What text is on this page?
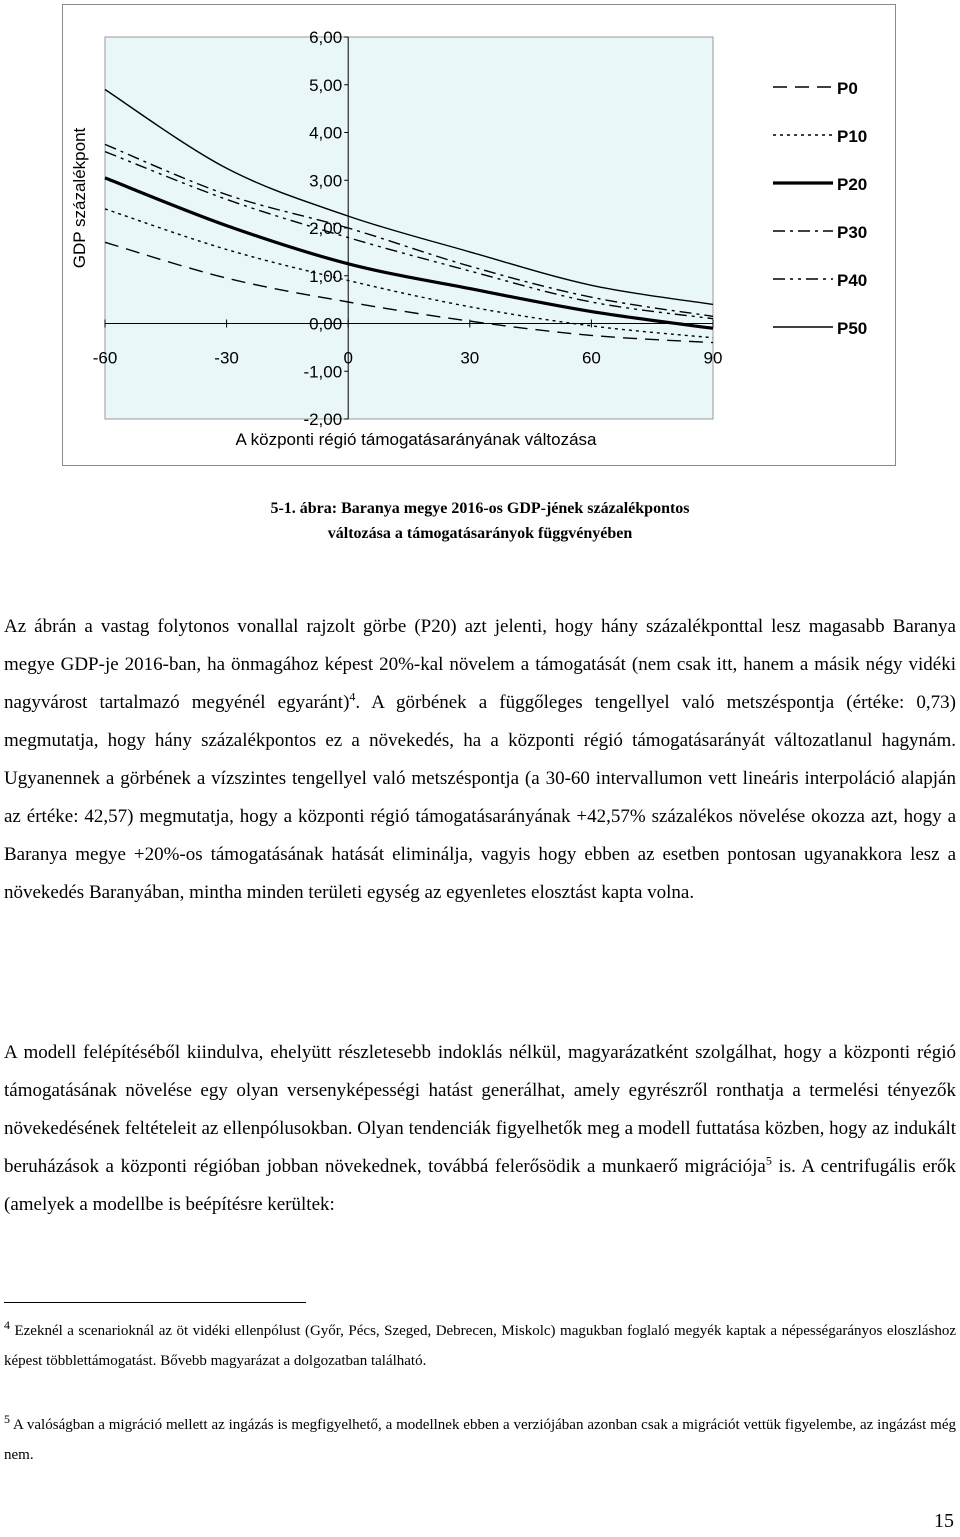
6,00
5,00
4,00
3,00
2,00
1,00
0,00
-1,00
-2,00
-60	-30	0	30	60	90
GDP százalékpont
A központi régió támogatásarányának változása
P0
P10
P20
P30
P40
P50
5-1. ábra: Baranya megye 2016-os GDP-jének százalékpontos
változása a támogatásarányok függvényében

Az ábrán a vastag folytonos vonallal rajzolt görbe (P20) azt jelenti, hogy hány százalékponttal lesz magasabb Baranya megye GDP-je 2016-ban, ha önmagához képest 20%-kal növelem a támogatását (nem csak itt, hanem a másik négy vidéki nagyvárost tartalmazó megyénél egyaránt)$^4$. A görbének a függőleges tengellyel való metszéspontja (értéke: 0,73) megmutatja, hogy hány százalékpontos ez a növekedés, ha a központi régió támogatásarányát változatlanul hagynám. Ugyanennek a görbének a vízszintes tengellyel való metszéspontja (a 30-60 intervallumon vett lineáris interpoláció alapján az értéke: 42,57) megmutatja, hogy a központi régió támogatásarányának +42,57% százalékos növelése okozza azt, hogy a Baranya megye +20%-os támogatásának hatását eliminálja, vagyis hogy ebben az esetben pontosan ugyanakkora lesz a növekedés Baranyában, mintha minden területi egység az egyenletes elosztást kapta volna.

A modell felépítéséből kiindulva, ehelyütt részletesebb indoklás nélkül, magyarázatként szolgálhat, hogy a központi régió támogatásának növelése egy olyan versenyképességi hatást generálhat, amely egyrészről ronthatja a termelési tényezők növekedésének feltételeit az ellenpólusokban. Olyan tendenciák figyelhetők meg a modell futtatása közben, hogy az indukált beruházások a központi régióban jobban növekednek, továbbá felerősödik a munkaerő migrációja$^5$ is. A centrifugális erők (amelyek a modellbe is beépítésre kerültek:

$^4$ Ezeknél a scenarioknál az öt vidéki ellenpólust (Győr, Pécs, Szeged, Debrecen, Miskolc) magukban foglaló megyék kaptak a népességarányos eloszláshoz képest többlettámogatást. Bővebb magyarázat a dolgozatban található.

$^5$ A valóságban a migráció mellett az ingázás is megfigyelhető, a modellnek ebben a verziójában azonban csak a migrációt vettük figyelembe, az ingázást még nem.

15
